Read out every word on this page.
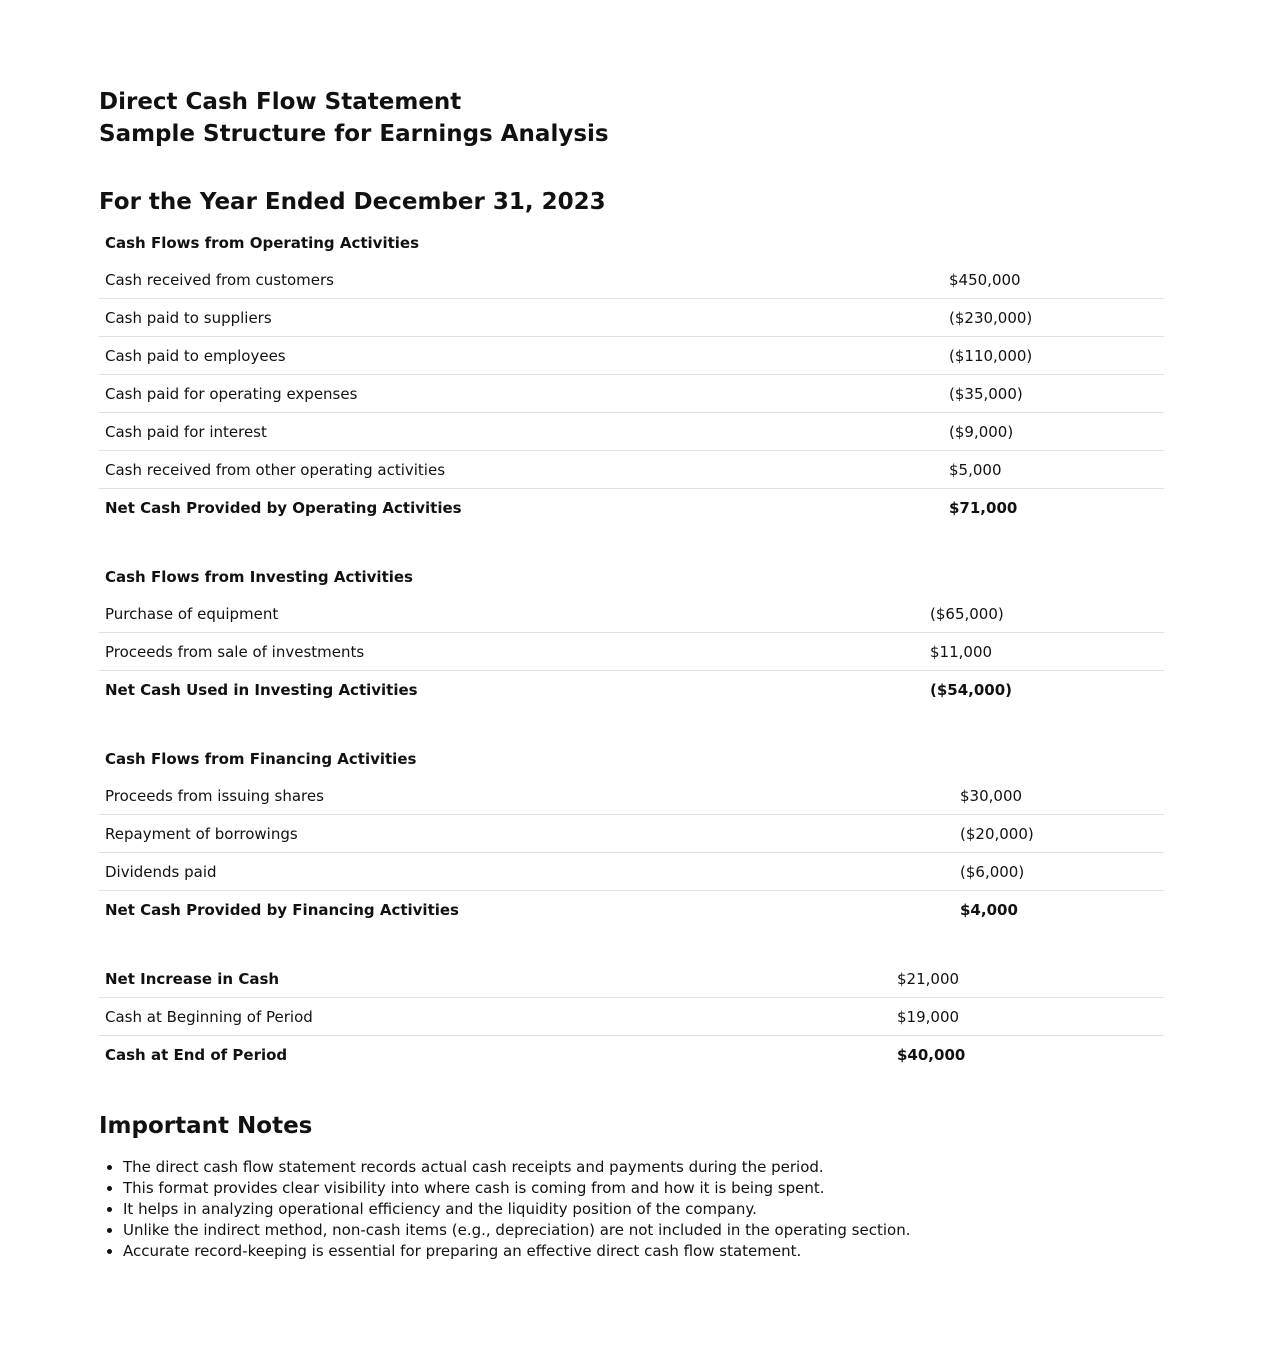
Direct Cash Flow Statement
Sample Structure for Earnings Analysis
For the Year Ended December 31, 2023
Cash Flows from Operating Activities	
Cash received from customers	$450,000
Cash paid to suppliers	($230,000)
Cash paid to employees	($110,000)
Cash paid for operating expenses	($35,000)
Cash paid for interest	($9,000)
Cash received from other operating activities	$5,000
Net Cash Provided by Operating Activities	$71,000
Cash Flows from Investing Activities	
Purchase of equipment	($65,000)
Proceeds from sale of investments	$11,000
Net Cash Used in Investing Activities	($54,000)
Cash Flows from Financing Activities	
Proceeds from issuing shares	$30,000
Repayment of borrowings	($20,000)
Dividends paid	($6,000)
Net Cash Provided by Financing Activities	$4,000
Net Increase in Cash	$21,000
Cash at Beginning of Period	$19,000
Cash at End of Period	$40,000
Important Notes
• The direct cash flow statement records actual cash receipts and payments during the period.
• This format provides clear visibility into where cash is coming from and how it is being spent.
• It helps in analyzing operational efficiency and the liquidity position of the company.
• Unlike the indirect method, non-cash items (e.g., depreciation) are not included in the operating section.
• Accurate record-keeping is essential for preparing an effective direct cash flow statement.
